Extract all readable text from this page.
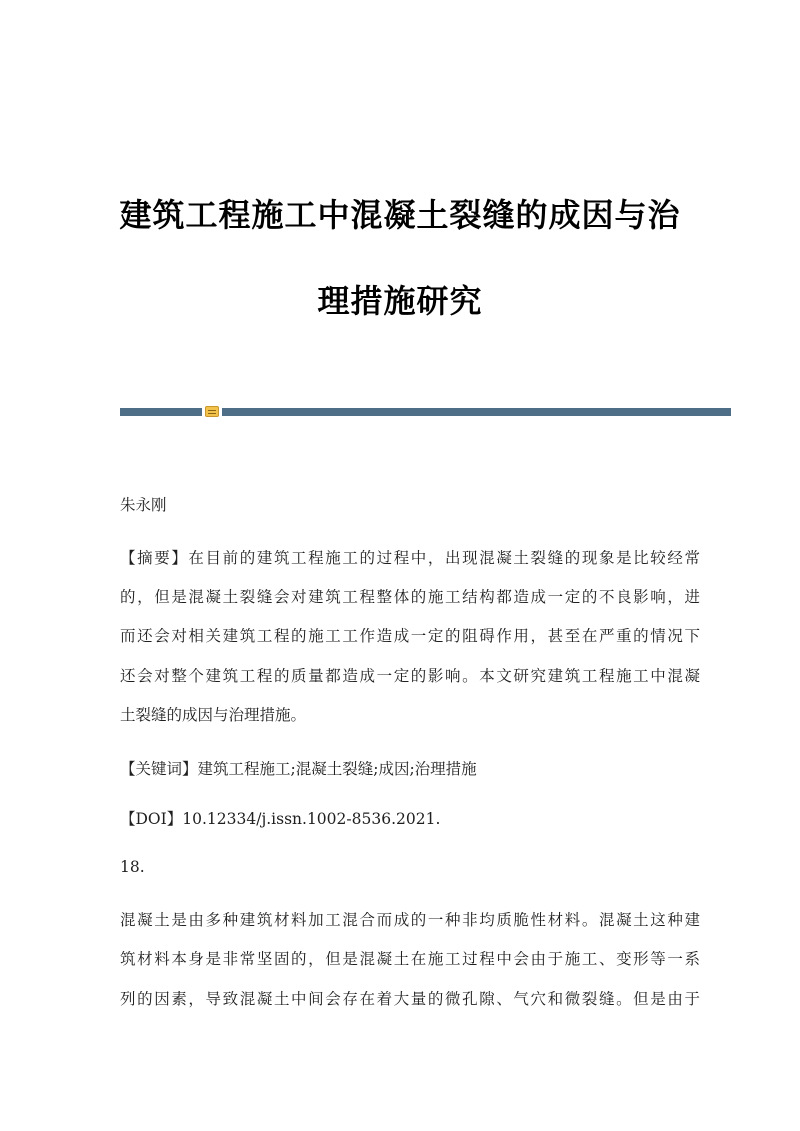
建筑工程施工中混凝土裂缝的成因与治
理措施研究
朱永刚
【摘要】在目前的建筑工程施工的过程中，出现混凝土裂缝的现象是比较经常
的，但是混凝土裂缝会对建筑工程整体的施工结构都造成一定的不良影响，进
而还会对相关建筑工程的施工工作造成一定的阻碍作用，甚至在严重的情况下
还会对整个建筑工程的质量都造成一定的影响。本文研究建筑工程施工中混凝
土裂缝的成因与治理措施。
【关键词】建筑工程施工;混凝土裂缝;成因;治理措施
【DOI】10.12334/j.issn.1002-8536.2021.
18.
混凝土是由多种建筑材料加工混合而成的一种非均质脆性材料。混凝土这种建
筑材料本身是非常坚固的，但是混凝土在施工过程中会由于施工、变形等一系
列的因素，导致混凝土中间会存在着大量的微孔隙、气穴和微裂缝。但是由于
